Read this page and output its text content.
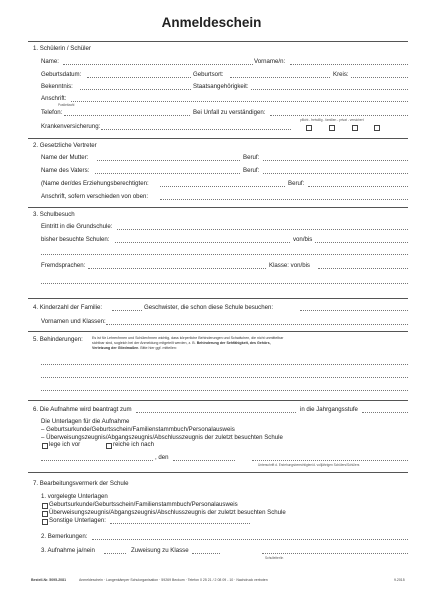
Anmeldeschein
1. Schülerin / Schüler
Name:	Vorname/n:
Geburtsdatum:	Geburtsort:	Kreis:
Bekenntnis:	Staatsangehörigkeit:
Anschrift:
Postleitzahl
Telefon:	Bei Unfall zu verständigen:
pflicht - freiwillig - familien - privat - versichert
Krankenversicherung:
2. Gesetzliche Vertreter
Name der Mutter:	Beruf:
Name des Vaters:	Beruf:
(Name der/des Erziehungsberechtigten:	Beruf:
Anschrift, sofern verschieden von oben:
3. Schulbesuch
Eintritt in die Grundschule:
bisher besuchte Schulen:	von/bis
Fremdsprachen:	Klasse: von/bis
4. Kinderzahl der Familie:	Geschwister, die schon diese Schule besuchen:
Vornamen und Klassen:
5. Behinderungen:	Es ist für Lehrer/innen und Schüler/innen wichtig, dass körperliche Behinderungen und Schwächen, die nicht unmittelbar
sichtbar sind, sogleich bei der Anmeldung mitgeteilt werden, z. B. Behinderung der Sehfähigkeit, des Gehörs,
Verletzung der Gliedmaßen. Bitte hier ggf. mitteilen:
6. Die Aufnahme wird beantragt zum	in die Jahrgangsstufe
Die Unterlagen für die Aufnahme
– Geburtsurkunde/Geburtsschein/Familienstammbuch/Personalausweis
– Überweisungszeugnis/Abgangszeugnis/Abschlusszeugnis der zuletzt besuchten Schule
lege ich vor	reiche ich nach
, den
Unterschrift d. Erziehungsberechtigten/d. volljährigen Schülers/Schülers
7. Bearbeitungsvermerk der Schule
1. vorgelegte Unterlagen
Geburtsurkunde/Geburtsschein/Familienstammbuch/Personalausweis
Überweisungszeugnis/Abgangszeugnis/Abschlusszeugnis der zuletzt besuchten Schule
Sonstige Unterlagen:
2. Bemerkungen:
3. Aufnahme ja/nein	Zuweisung zu Klasse
Schulleiter/in
Bestell-Nr. 5095-2081	Anmeldeschein · Langenkämper Schulorganisation · 59269 Beckum · Telefon 0 25 21 / 2 08 09 - 10 · Nachdruck verboten	9.2015
